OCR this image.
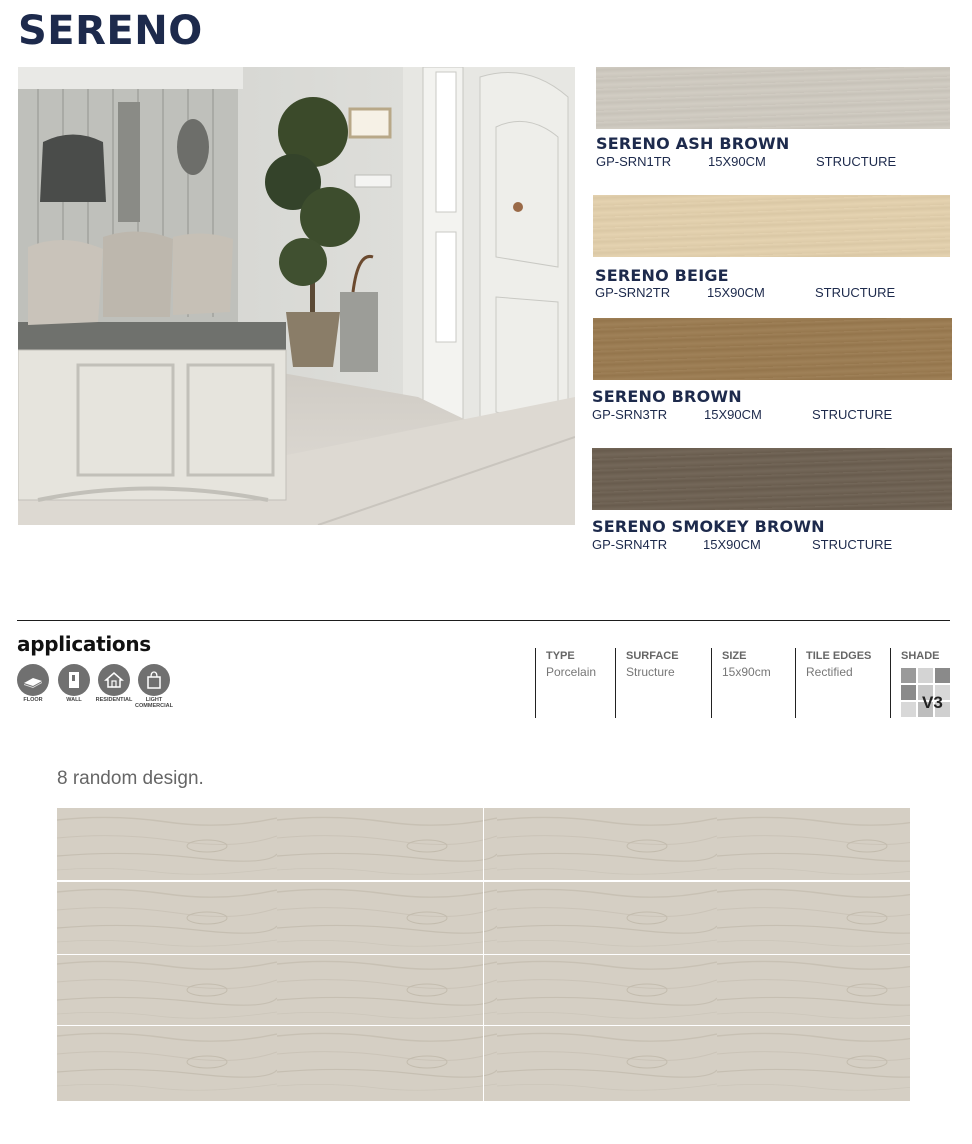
SERENO
SERENO ASH BROWN
GP-SRN1TR	15X90CM	STRUCTURE
SERENO BEIGE
GP-SRN2TR	15X90CM	STRUCTURE
SERENO BROWN
GP-SRN3TR	15X90CM	STRUCTURE
SERENO SMOKEY BROWN
GP-SRN4TR	15X90CM	STRUCTURE
applications
FLOOR	WALL	RESIDENTIAL	LIGHT COMMERCIAL
TYPE
Porcelain
SURFACE
Structure
SIZE
15x90cm
TILE EDGES
Rectified
SHADE
V3
8 random design.
